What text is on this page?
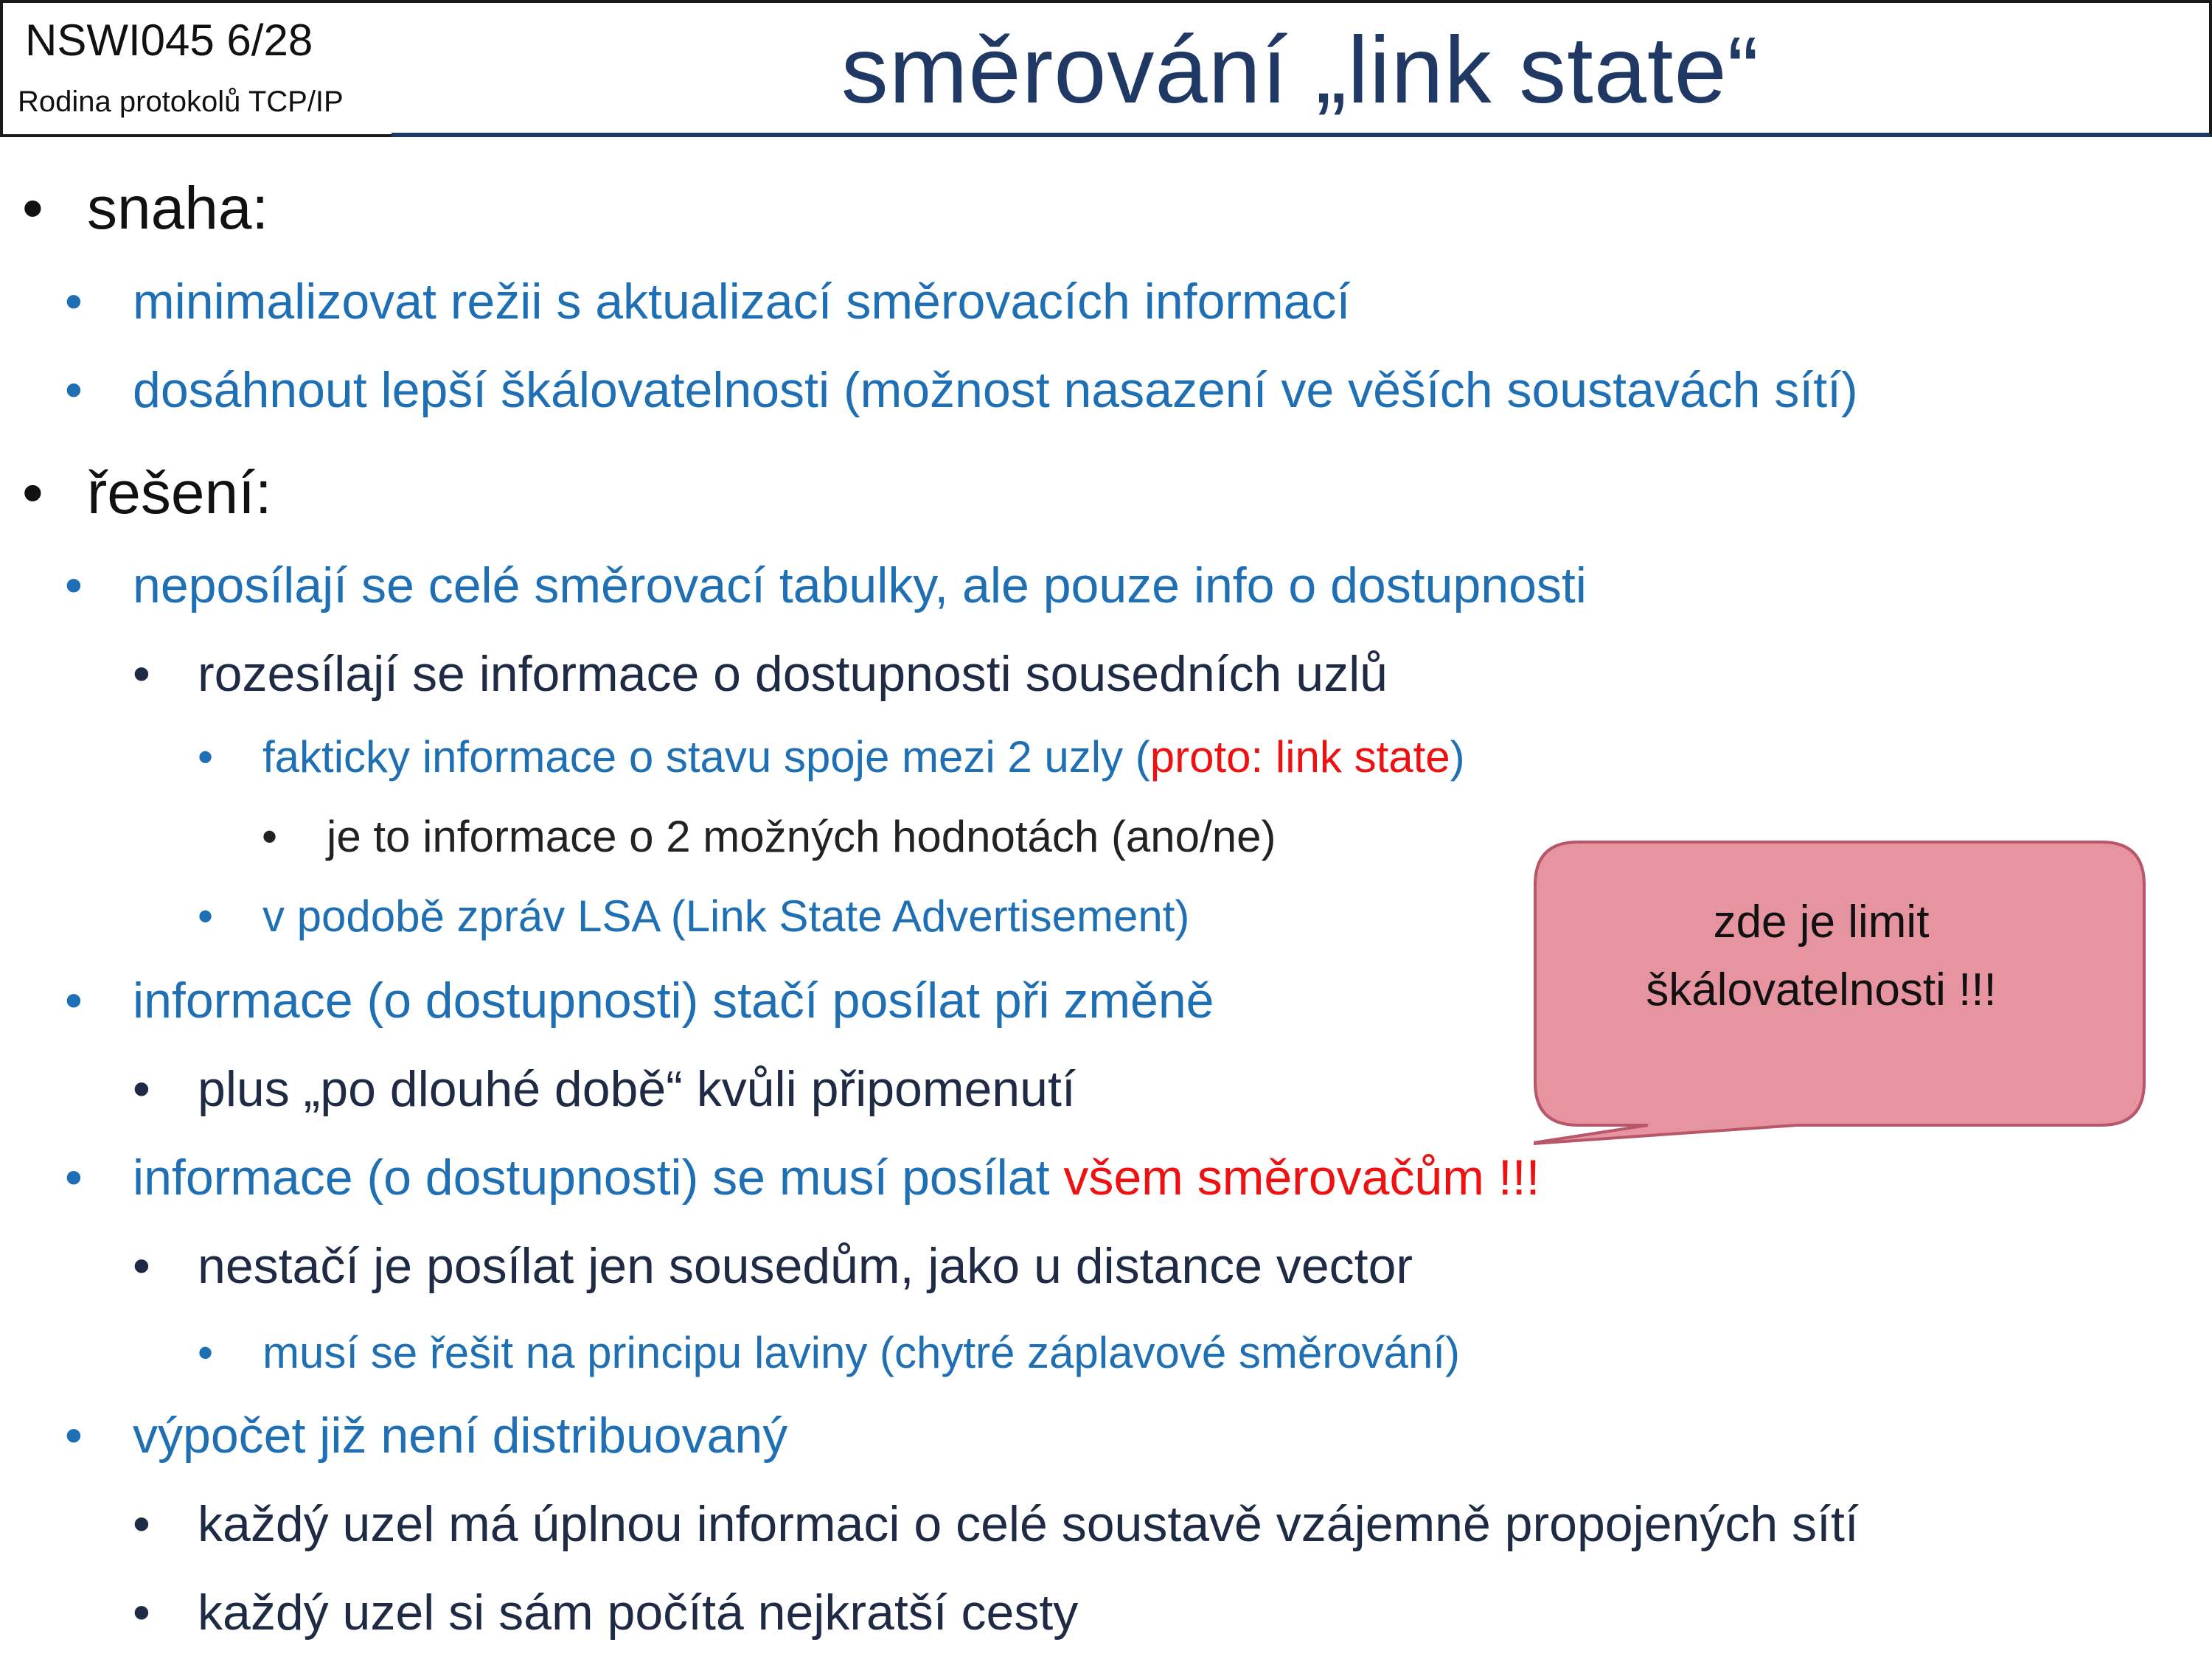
NSWI045 6/28
Rodina protokolů TCP/IP	směrování „link state“
• snaha:
• minimalizovat režii s aktualizací směrovacích informací
• dosáhnout lepší škálovatelnosti (možnost nasazení ve věších soustavách sítí)
• řešení:
• neposílají se celé směrovací tabulky, ale pouze info o dostupnosti
• rozesílají se informace o dostupnosti sousedních uzlů
• fakticky informace o stavu spoje mezi 2 uzly (proto: link state)
• je to informace o 2 možných hodnotách (ano/ne)
• v podobě zpráv LSA (Link State Advertisement)
• informace (o dostupnosti) stačí posílat při změně
• plus „po dlouhé době“ kvůli připomenutí
• informace (o dostupnosti) se musí posílat všem směrovačům !!!
• nestačí je posílat jen sousedům, jako u distance vector
• musí se řešit na principu laviny (chytré záplavové směrování)
• výpočet již není distribuovaný
• každý uzel má úplnou informaci o celé soustavě vzájemně propojených sítí
• každý uzel si sám počítá nejkratší cesty
zde je limit
škálovatelnosti !!!
